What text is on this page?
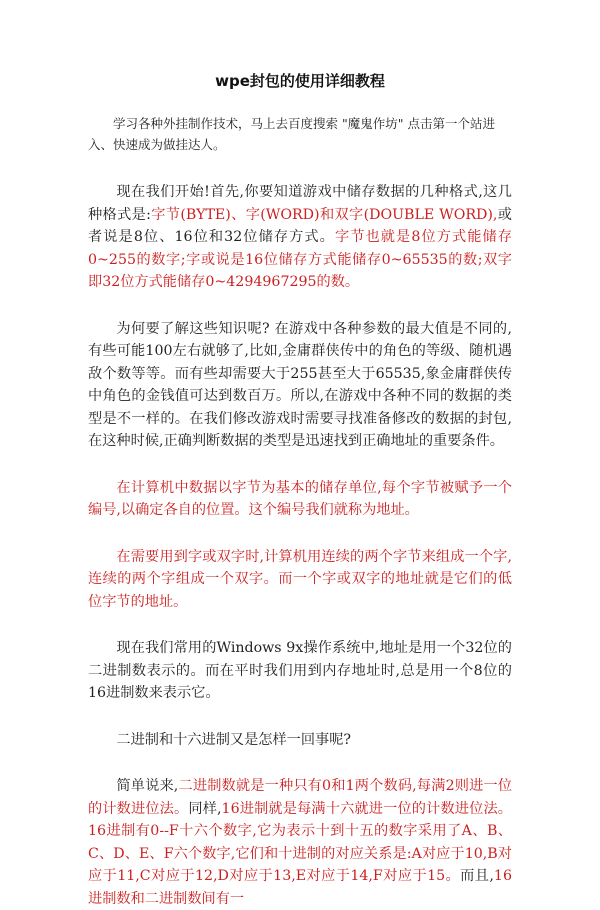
wpe封包的使用详细教程

学习各种外挂制作技术，马上去百度搜索 "魔鬼作坊" 点击第一个站进入、快速成为做挂达人。

现在我们开始!首先,你要知道游戏中储存数据的几种格式,这几种格式是:字节(BYTE)、字(WORD)和双字(DOUBLE WORD),或者说是8位、16位和32位储存方式。字节也就是8位方式能储存0~255的数字;字或说是16位储存方式能储存0~65535的数;双字即32位方式能储存0~4294967295的数。

为何要了解这些知识呢? 在游戏中各种参数的最大值是不同的,有些可能100左右就够了,比如,金庸群侠传中的角色的等级、随机遇敌个数等等。而有些却需要大于255甚至大于65535,象金庸群侠传中角色的金钱值可达到数百万。所以,在游戏中各种不同的数据的类型是不一样的。在我们修改游戏时需要寻找准备修改的数据的封包,在这种时候,正确判断数据的类型是迅速找到正确地址的重要条件。

在计算机中数据以字节为基本的储存单位,每个字节被赋予一个编号,以确定各自的位置。这个编号我们就称为地址。

在需要用到字或双字时,计算机用连续的两个字节来组成一个字,连续的两个字组成一个双字。而一个字或双字的地址就是它们的低位字节的地址。

现在我们常用的Windows 9x操作系统中,地址是用一个32位的二进制数表示的。而在平时我们用到内存地址时,总是用一个8位的16进制数来表示它。

二进制和十六进制又是怎样一回事呢?

简单说来,二进制数就是一种只有0和1两个数码,每满2则进一位的计数进位法。同样,16进制就是每满十六就进一位的计数进位法。16进制有0--F十六个数字,它为表示十到十五的数字采用了A、B、C、D、E、F六个数字,它们和十进制的对应关系是:A对应于10,B对应于11,C对应于12,D对应于13,E对应于14,F对应于15。而且,16进制数和二进制数间有一
